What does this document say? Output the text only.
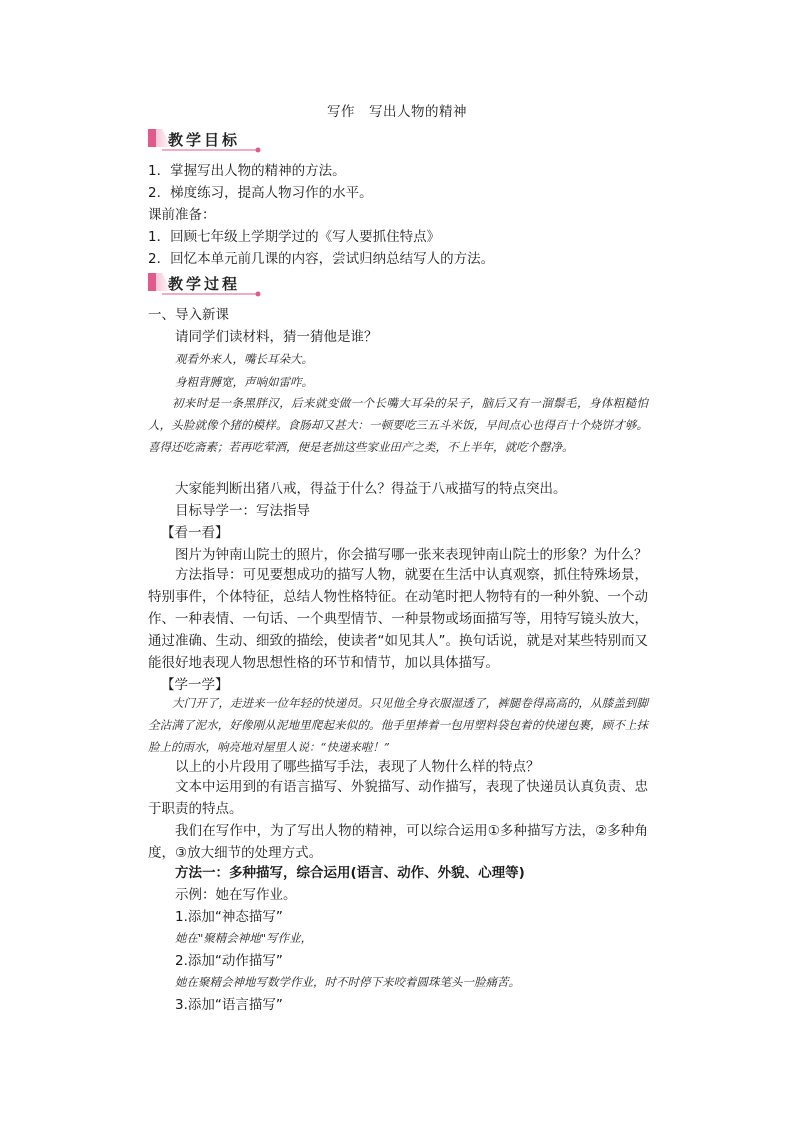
写作　写出人物的精神
教学目标
1．掌握写出人物的精神的方法。
2．梯度练习，提高人物习作的水平。
课前准备：
1．回顾七年级上学期学过的《写人要抓住特点》
2．回忆本单元前几课的内容，尝试归纳总结写人的方法。
教学过程
一、导入新课
请同学们读材料，猜一猜他是谁？
观看外来人，嘴长耳朵大。
身粗背膊宽，声响如雷咋。
初来时是一条黑胖汉，后来就变做一个长嘴大耳朵的呆子，脑后又有一溜鬃毛，身体粗糙怕人，头脸就像个猪的模样。食肠却又甚大：一顿要吃三五斗米饭，早间点心也得百十个烧饼才够。喜得还吃斋素；若再吃荤酒，便是老拙这些家业田产之类，不上半年，就吃个罄净。
大家能判断出猪八戒，得益于什么？得益于八戒描写的特点突出。
目标导学一：写法指导
【看一看】
图片为钟南山院士的照片，你会描写哪一张来表现钟南山院士的形象？为什么？
方法指导：可见要想成功的描写人物，就要在生活中认真观察，抓住特殊场景，特别事件，个体特征，总结人物性格特征。在动笔时把人物特有的一种外貌、一个动作、一种表情、一句话、一个典型情节、一种景物或场面描写等，用特写镜头放大，通过准确、生动、细致的描绘，使读者“如见其人”。换句话说，就是对某些特别而又能很好地表现人物思想性格的环节和情节，加以具体描写。
【学一学】
大门开了，走进来一位年轻的快递员。只见他全身衣服湿透了，裤腿卷得高高的，从膝盖到脚全沾满了泥水，好像刚从泥地里爬起来似的。他手里捧着一包用塑料袋包着的快递包裹，顾不上抹脸上的雨水，响亮地对屋里人说：“快递来啦！”
以上的小片段用了哪些描写手法，表现了人物什么样的特点？
文本中运用到的有语言描写、外貌描写、动作描写，表现了快递员认真负责、忠于职责的特点。
我们在写作中，为了写出人物的精神，可以综合运用①多种描写方法，②多种角度，③放大细节的处理方式。
方法一：多种描写，综合运用(语言、动作、外貌、心理等)
示例：她在写作业。
1.添加“神态描写”
她在"聚精会神地"写作业，
2.添加“动作描写”
她在聚精会神地写数学作业，时不时停下来咬着圆珠笔头一脸痛苦。
3.添加“语言描写”
